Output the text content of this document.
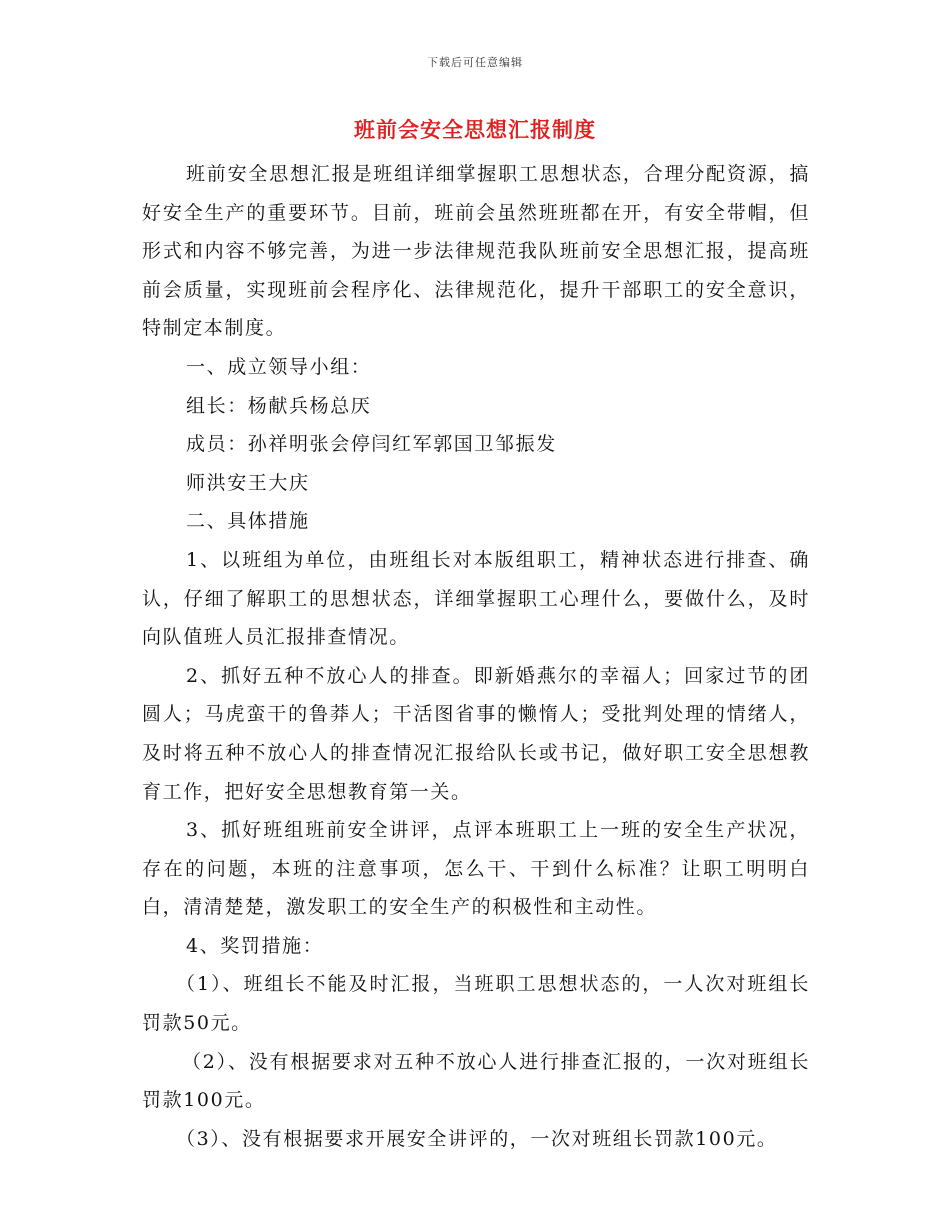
下载后可任意编辑
班前会安全思想汇报制度

班前安全思想汇报是班组详细掌握职工思想状态，合理分配资源，搞好安全生产的重要环节。目前，班前会虽然班班都在开，有安全带帽，但形式和内容不够完善，为进一步法律规范我队班前安全思想汇报，提高班前会质量，实现班前会程序化、法律规范化，提升干部职工的安全意识，特制定本制度。

一、成立领导小组：

组长：杨献兵杨总厌

成员：孙祥明张会停闫红军郭国卫邹振发

师洪安王大庆

二、具体措施

1、以班组为单位，由班组长对本版组职工，精神状态进行排查、确认，仔细了解职工的思想状态，详细掌握职工心理什么，要做什么，及时向队值班人员汇报排查情况。

2、抓好五种不放心人的排查。即新婚燕尔的幸福人；回家过节的团圆人；马虎蛮干的鲁莽人；干活图省事的懒惰人；受批判处理的情绪人，及时将五种不放心人的排查情况汇报给队长或书记，做好职工安全思想教育工作，把好安全思想教育第一关。

3、抓好班组班前安全讲评，点评本班职工上一班的安全生产状况，存在的问题，本班的注意事项，怎么干、干到什么标准？让职工明明白白，清清楚楚，激发职工的安全生产的积极性和主动性。

4、奖罚措施：

（1）、班组长不能及时汇报，当班职工思想状态的，一人次对班组长罚款50元。

（2）、没有根据要求对五种不放心人进行排查汇报的，一次对班组长罚款100元。

（3）、没有根据要求开展安全讲评的，一次对班组长罚款100元。
